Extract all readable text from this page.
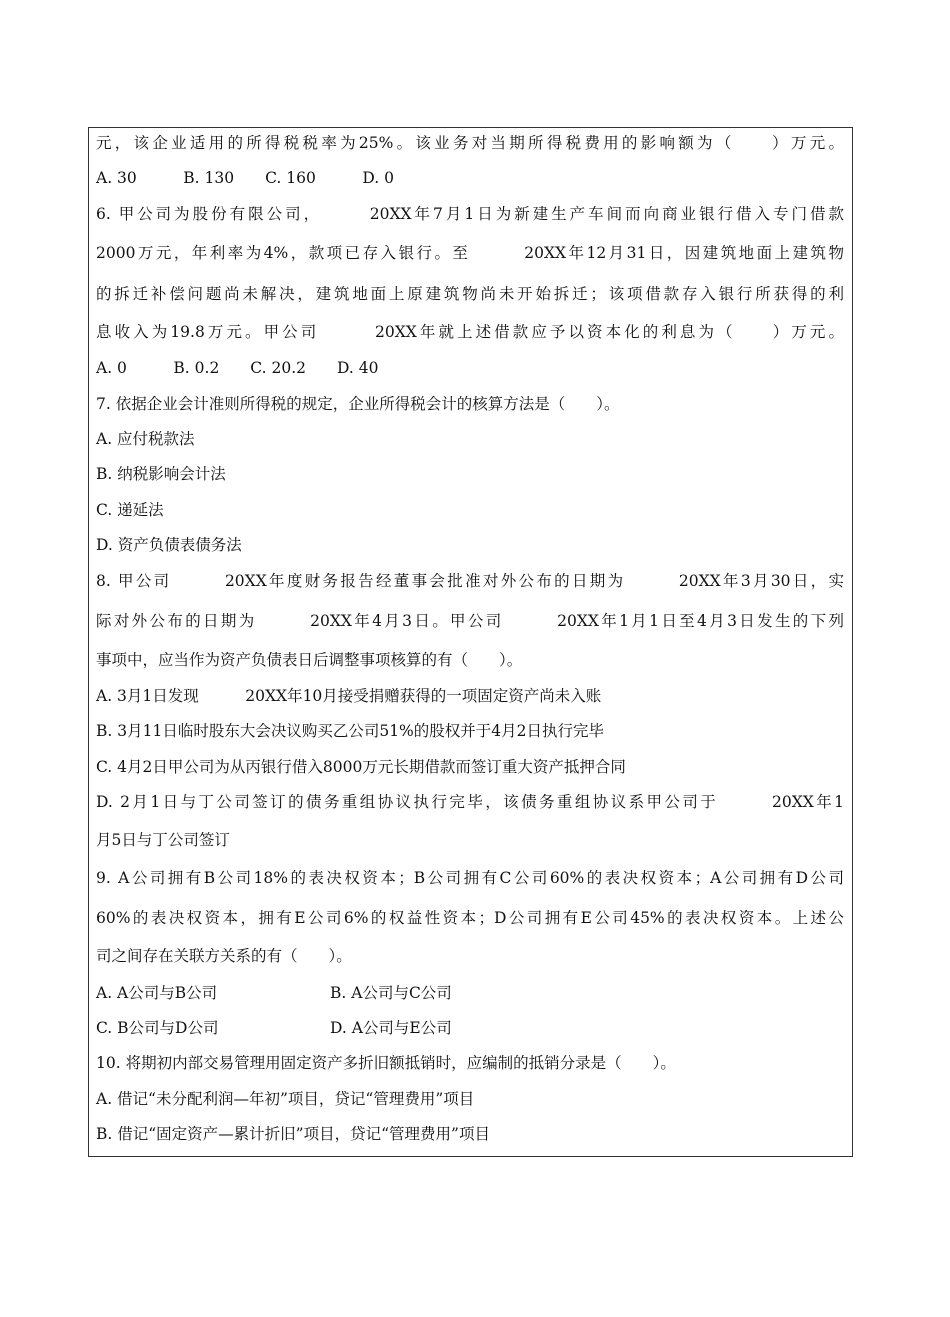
元，该企业适用的所得税税率为25%。该业务对当期所得税费用的影响额为（　　）万元。
A. 30　　　B. 130　　C. 160　　　D. 0
6. 甲公司为股份有限公司，　　　20XX年7月1日为新建生产车间而向商业银行借入专门借款
2000万元，年利率为4%，款项已存入银行。至　　　20XX年12月31日，因建筑地面上建筑物
的拆迁补偿问题尚未解决，建筑地面上原建筑物尚未开始拆迁；该项借款存入银行所获得的利
息收入为19.8万元。甲公司　　　20XX年就上述借款应予以资本化的利息为（　　）万元。
A. 0　　　B. 0.2　　C. 20.2　　D. 40
7. 依据企业会计准则所得税的规定，企业所得税会计的核算方法是（　　）。
A. 应付税款法
B. 纳税影响会计法
C. 递延法
D. 资产负债表债务法
8. 甲公司　　　20XX年度财务报告经董事会批准对外公布的日期为　　　20XX年3月30日，实
际对外公布的日期为　　　20XX年4月3日。甲公司　　　20XX年1月1日至4月3日发生的下列
事项中，应当作为资产负债表日后调整事项核算的有（　　）。
A. 3月1日发现　　　20XX年10月接受捐赠获得的一项固定资产尚未入账
B. 3月11日临时股东大会决议购买乙公司51%的股权并于4月2日执行完毕
C. 4月2日甲公司为从丙银行借入8000万元长期借款而签订重大资产抵押合同
D. 2月1日与丁公司签订的债务重组协议执行完毕，该债务重组协议系甲公司于　　　20XX年1
月5日与丁公司签订
9. A公司拥有B公司18%的表决权资本；B公司拥有C公司60%的表决权资本；A公司拥有D公司
60%的表决权资本，拥有E公司6%的权益性资本；D公司拥有E公司45%的表决权资本。上述公
司之间存在关联方关系的有（　　）。
A. A公司与B公司	B. A公司与C公司
C. B公司与D公司	D. A公司与E公司
10. 将期初内部交易管理用固定资产多折旧额抵销时，应编制的抵销分录是（　　）。
A. 借记“未分配利润—年初”项目，贷记“管理费用”项目
B. 借记“固定资产—累计折旧”项目，贷记“管理费用”项目
